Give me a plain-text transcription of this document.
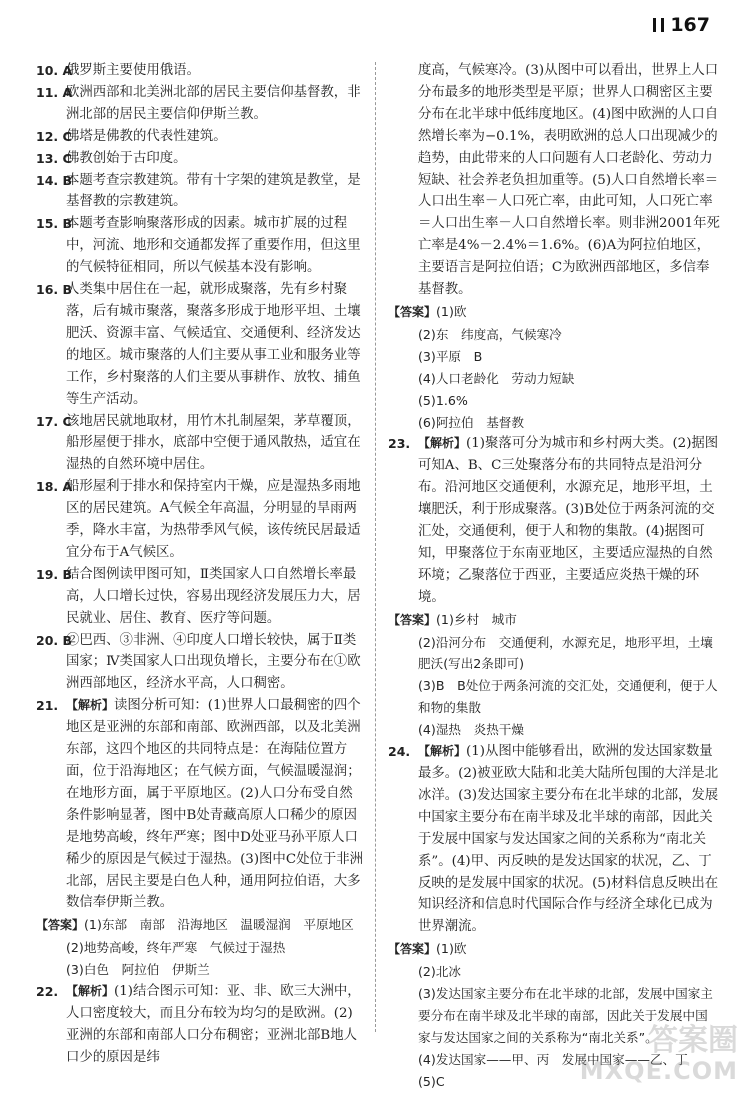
167
10. A
俄罗斯主要使用俄语。
11. A
欧洲西部和北美洲北部的居民主要信仰基督教，非洲北部的居民主要信仰伊斯兰教。
12. C
佛塔是佛教的代表性建筑。
13. C
佛教创始于古印度。
14. B
本题考查宗教建筑。带有十字架的建筑是教堂，是基督教的宗教建筑。
15. B
本题考查影响聚落形成的因素。城市扩展的过程中，河流、地形和交通都发挥了重要作用，但这里的气候特征相同，所以气候基本没有影响。
16. B
人类集中居住在一起，就形成聚落，先有乡村聚落，后有城市聚落，聚落多形成于地形平坦、土壤肥沃、资源丰富、气候适宜、交通便利、经济发达的地区。城市聚落的人们主要从事工业和服务业等工作，乡村聚落的人们主要从事耕作、放牧、捕鱼等生产活动。
17. C
该地居民就地取材，用竹木扎制屋架，茅草覆顶，船形屋便于排水，底部中空便于通风散热，适宜在湿热的自然环境中居住。
18. A
船形屋利于排水和保持室内干燥，应是湿热多雨地区的居民建筑。A气候全年高温，分明显的旱雨两季，降水丰富，为热带季风气候，该传统民居最适宜分布于A气候区。
19. B
结合图例读甲图可知，Ⅱ类国家人口自然增长率最高，人口增长过快，容易出现经济发展压力大，居民就业、居住、教育、医疗等问题。
20. B
②巴西、③非洲、④印度人口增长较快，属于Ⅱ类国家；Ⅳ类国家人口出现负增长，主要分布在①欧洲西部地区，经济水平高，人口稠密。
21. 【解析】读图分析可知：(1)世界人口最稠密的四个地区是亚洲的东部和南部、欧洲西部，以及北美洲东部，这四个地区的共同特点是：在海陆位置方面，位于沿海地区；在气候方面，气候温暖湿润；在地形方面，属于平原地区。(2)人口分布受自然条件影响显著，图中B处青藏高原人口稀少的原因是地势高峻，终年严寒；图中D处亚马孙平原人口稀少的原因是气候过于湿热。(3)图中C处位于非洲北部，居民主要是白色人种，通用阿拉伯语，大多数信奉伊斯兰教。
【答案】(1)东部　南部　沿海地区　温暖湿润　平原地区
(2)地势高峻，终年严寒　气候过于湿热
(3)白色　阿拉伯　伊斯兰
22. 【解析】(1)结合图示可知：亚、非、欧三大洲中，人口密度较大，而且分布较为均匀的是欧洲。(2)亚洲的东部和南部人口分布稠密；亚洲北部B地人口少的原因是纬
度高，气候寒冷。(3)从图中可以看出，世界上人口分布最多的地形类型是平原；世界人口稠密区主要分布在北半球中低纬度地区。(4)图中欧洲的人口自然增长率为−0.1%，表明欧洲的总人口出现减少的趋势，由此带来的人口问题有人口老龄化、劳动力短缺、社会养老负担加重等。(5)人口自然增长率＝人口出生率－人口死亡率，由此可知，人口死亡率＝人口出生率－人口自然增长率。则非洲2001年死亡率是4%－2.4%＝1.6%。(6)A为阿拉伯地区，主要语言是阿拉伯语；C为欧洲西部地区，多信奉基督教。
【答案】(1)欧
(2)东　纬度高，气候寒冷
(3)平原　B
(4)人口老龄化　劳动力短缺
(5)1.6%
(6)阿拉伯　基督教
23. 【解析】(1)聚落可分为城市和乡村两大类。(2)据图可知A、B、C三处聚落分布的共同特点是沿河分布。沿河地区交通便利，水源充足，地形平坦，土壤肥沃，利于形成聚落。(3)B处位于两条河流的交汇处，交通便利，便于人和物的集散。(4)据图可知，甲聚落位于东南亚地区，主要适应湿热的自然环境；乙聚落位于西亚，主要适应炎热干燥的环境。
【答案】(1)乡村　城市
(2)沿河分布　交通便利，水源充足，地形平坦，土壤肥沃(写出2条即可)
(3)B　B处位于两条河流的交汇处，交通便利，便于人和物的集散
(4)湿热　炎热干燥
24. 【解析】(1)从图中能够看出，欧洲的发达国家数量最多。(2)被亚欧大陆和北美大陆所包围的大洋是北冰洋。(3)发达国家主要分布在北半球的北部，发展中国家主要分布在南半球及北半球的南部，因此关于发展中国家与发达国家之间的关系称为“南北关系”。(4)甲、丙反映的是发达国家的状况，乙、丁反映的是发展中国家的状况。(5)材料信息反映出在知识经济和信息时代国际合作与经济全球化已成为世界潮流。
【答案】(1)欧
(2)北冰
(3)发达国家主要分布在北半球的北部，发展中国家主要分布在南半球及北半球的南部，因此关于发展中国家与发达国家之间的关系称为“南北关系”。
(4)发达国家——甲、丙　发展中国家——乙、丁
(5)C
答案圈
MXQE.COM
